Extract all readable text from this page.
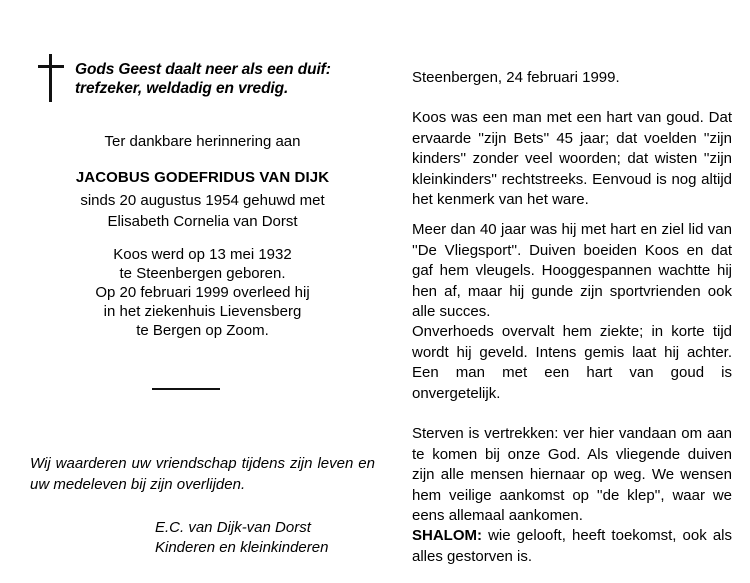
Gods Geest daalt neer als een duif: trefzeker, weldadig en vredig.
Ter dankbare herinnering aan
JACOBUS GODEFRIDUS VAN DIJK
sinds 20 augustus 1954 gehuwd met
Elisabeth Cornelia van Dorst
Koos werd op 13 mei 1932
te Steenbergen geboren.
Op 20 februari 1999 overleed hij
in het ziekenhuis Lievensberg
te Bergen op Zoom.
Wij waarderen uw vriendschap tijdens zijn leven en uw medeleven bij zijn overlijden.
E.C. van Dijk-van Dorst
Kinderen en kleinkinderen
Steenbergen, 24 februari 1999.
Koos was een man met een hart van goud. Dat ervaarde ''zijn Bets'' 45 jaar; dat voelden ''zijn kinders'' zonder veel woorden; dat wisten ''zijn kleinkinders'' rechtstreeks. Eenvoud is nog altijd het kenmerk van het ware.
Meer dan 40 jaar was hij met hart en ziel lid van ''De Vliegsport''. Duiven boeiden Koos en dat gaf hem vleugels. Hooggespannen wachtte hij hen af, maar hij gunde zijn sportvrienden ook alle succes.
Onverhoeds overvalt hem ziekte; in korte tijd wordt hij geveld. Intens gemis laat hij achter. Een man met een hart van goud is onvergetelijk.
Sterven is vertrekken: ver hier vandaan om aan te komen bij onze God. Als vliegende duiven zijn alle mensen hiernaar op weg. We wensen hem veilige aankomst op ''de klep'', waar we eens allemaal aankomen.
SHALOM: wie gelooft, heeft toekomst, ook als alles gestorven is.
